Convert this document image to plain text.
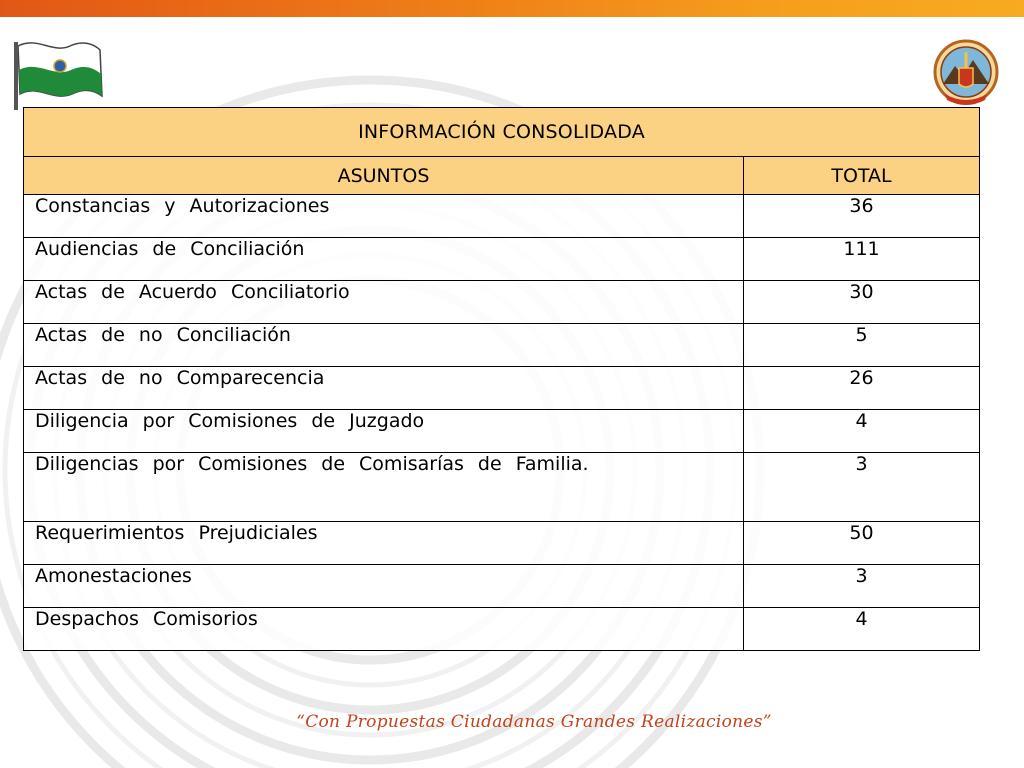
INFORMACIÓN CONSOLIDADA	
ASUNTOS	TOTAL
Constancias y Autorizaciones	36
Audiencias de Conciliación	111
Actas de Acuerdo Conciliatorio	30
Actas de no Conciliación	5
Actas de no Comparecencia	26
Diligencia por Comisiones de Juzgado	4
Diligencias por Comisiones de Comisarías de Familia.	3
Requerimientos Prejudiciales	50
Amonestaciones	3
Despachos Comisorios	4
“Con Propuestas Ciudadanas Grandes Realizaciones”
